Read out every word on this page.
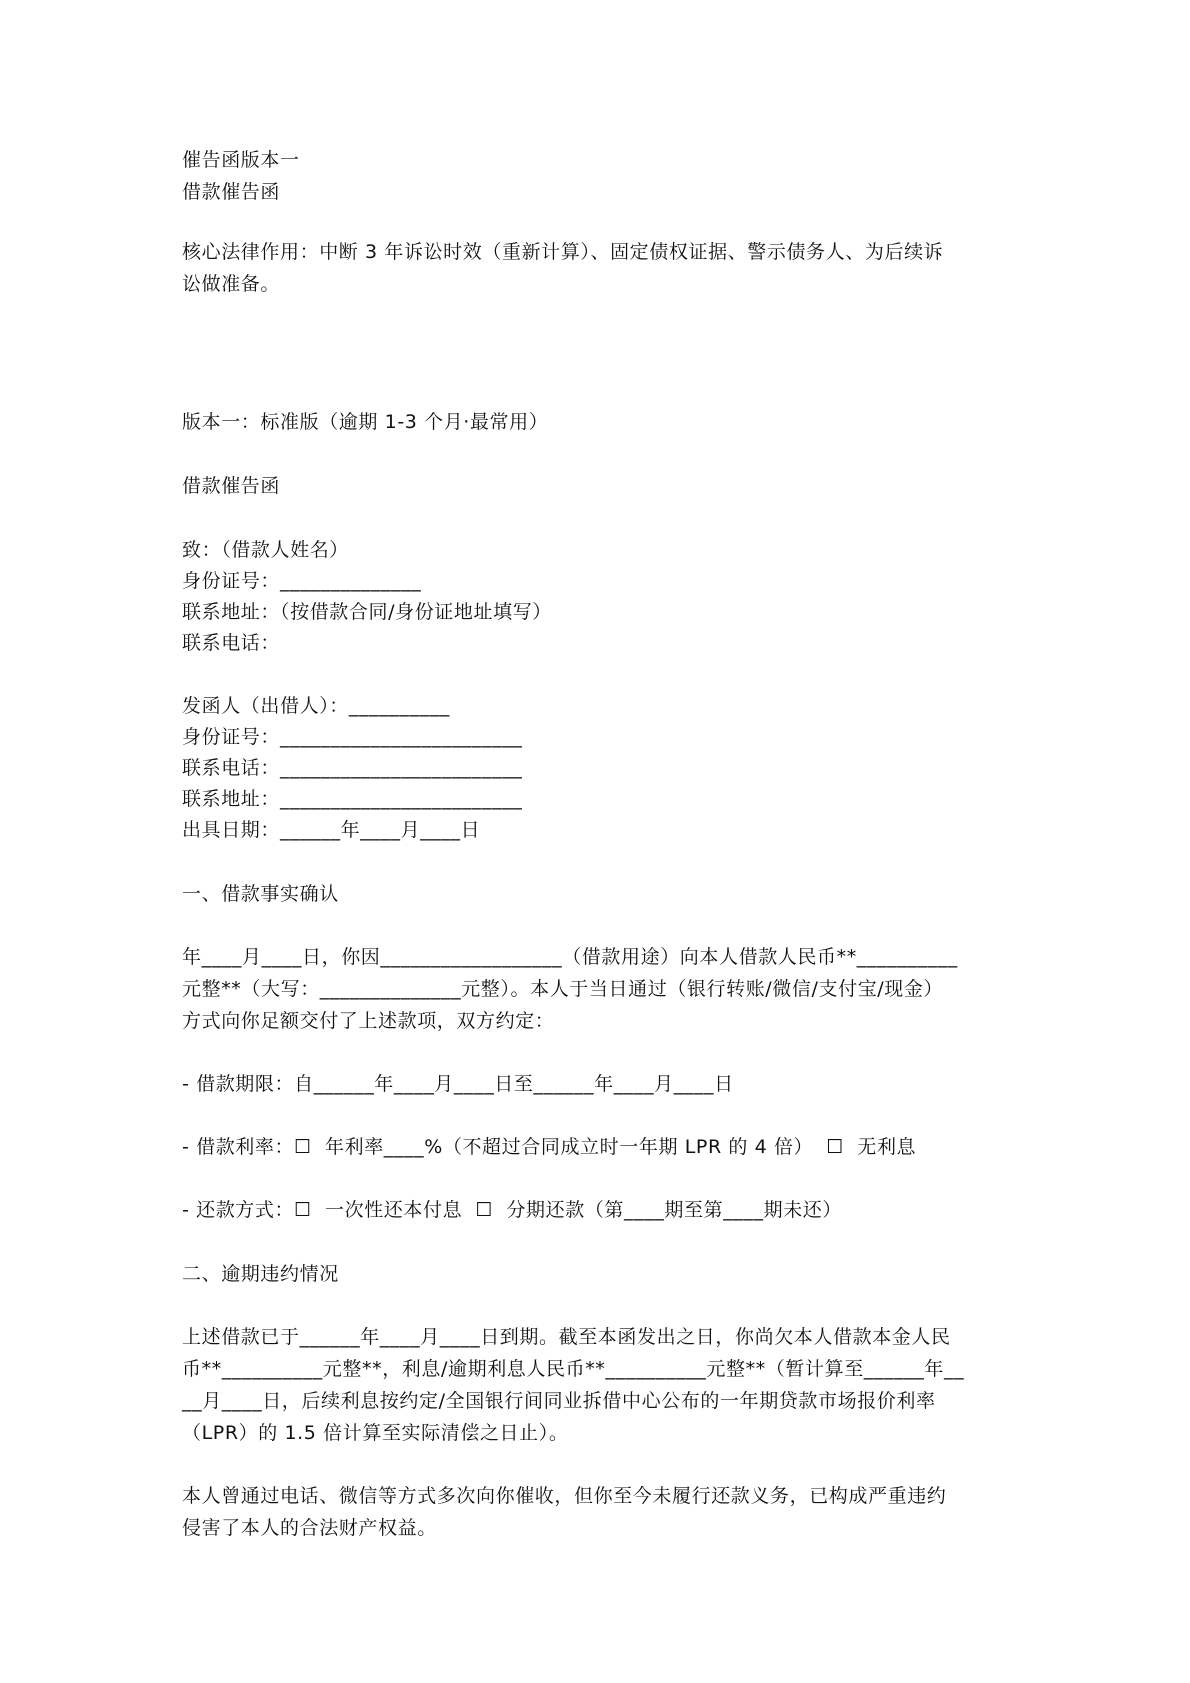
催告函版本一
借款催告函
核心法律作用：中断 3 年诉讼时效（重新计算）、固定债权证据、警示债务人、为后续诉
讼做准备。
版本一：标准版（逾期 1-3 个月·最常用）
借款催告函
致：（借款人姓名）
身份证号：______________
联系地址：（按借款合同/身份证地址填写）
联系电话：
发函人（出借人）：__________
身份证号：________________________
联系电话：________________________
联系地址：________________________
出具日期：______年____月____日
一、借款事实确认
年____月____日，你因__________________（借款用途）向本人借款人民币**__________
元整**（大写：______________元整）。本人于当日通过（银行转账/微信/支付宝/现金）
方式向你足额交付了上述款项，双方约定：
- 借款期限：自______年____月____日至______年____月____日
- 借款利率：☐  年利率____%（不超过合同成立时一年期 LPR 的 4 倍）  ☐  无利息
- 还款方式：☐  一次性还本付息  ☐  分期还款（第____期至第____期未还）
二、逾期违约情况
上述借款已于______年____月____日到期。截至本函发出之日，你尚欠本人借款本金人民
币**__________元整**，利息/逾期利息人民币**__________元整**（暂计算至______年__
__月____日，后续利息按约定/全国银行间同业拆借中心公布的一年期贷款市场报价利率
（LPR）的 1.5 倍计算至实际清偿之日止）。
本人曾通过电话、微信等方式多次向你催收，但你至今未履行还款义务，已构成严重违约
侵害了本人的合法财产权益。
